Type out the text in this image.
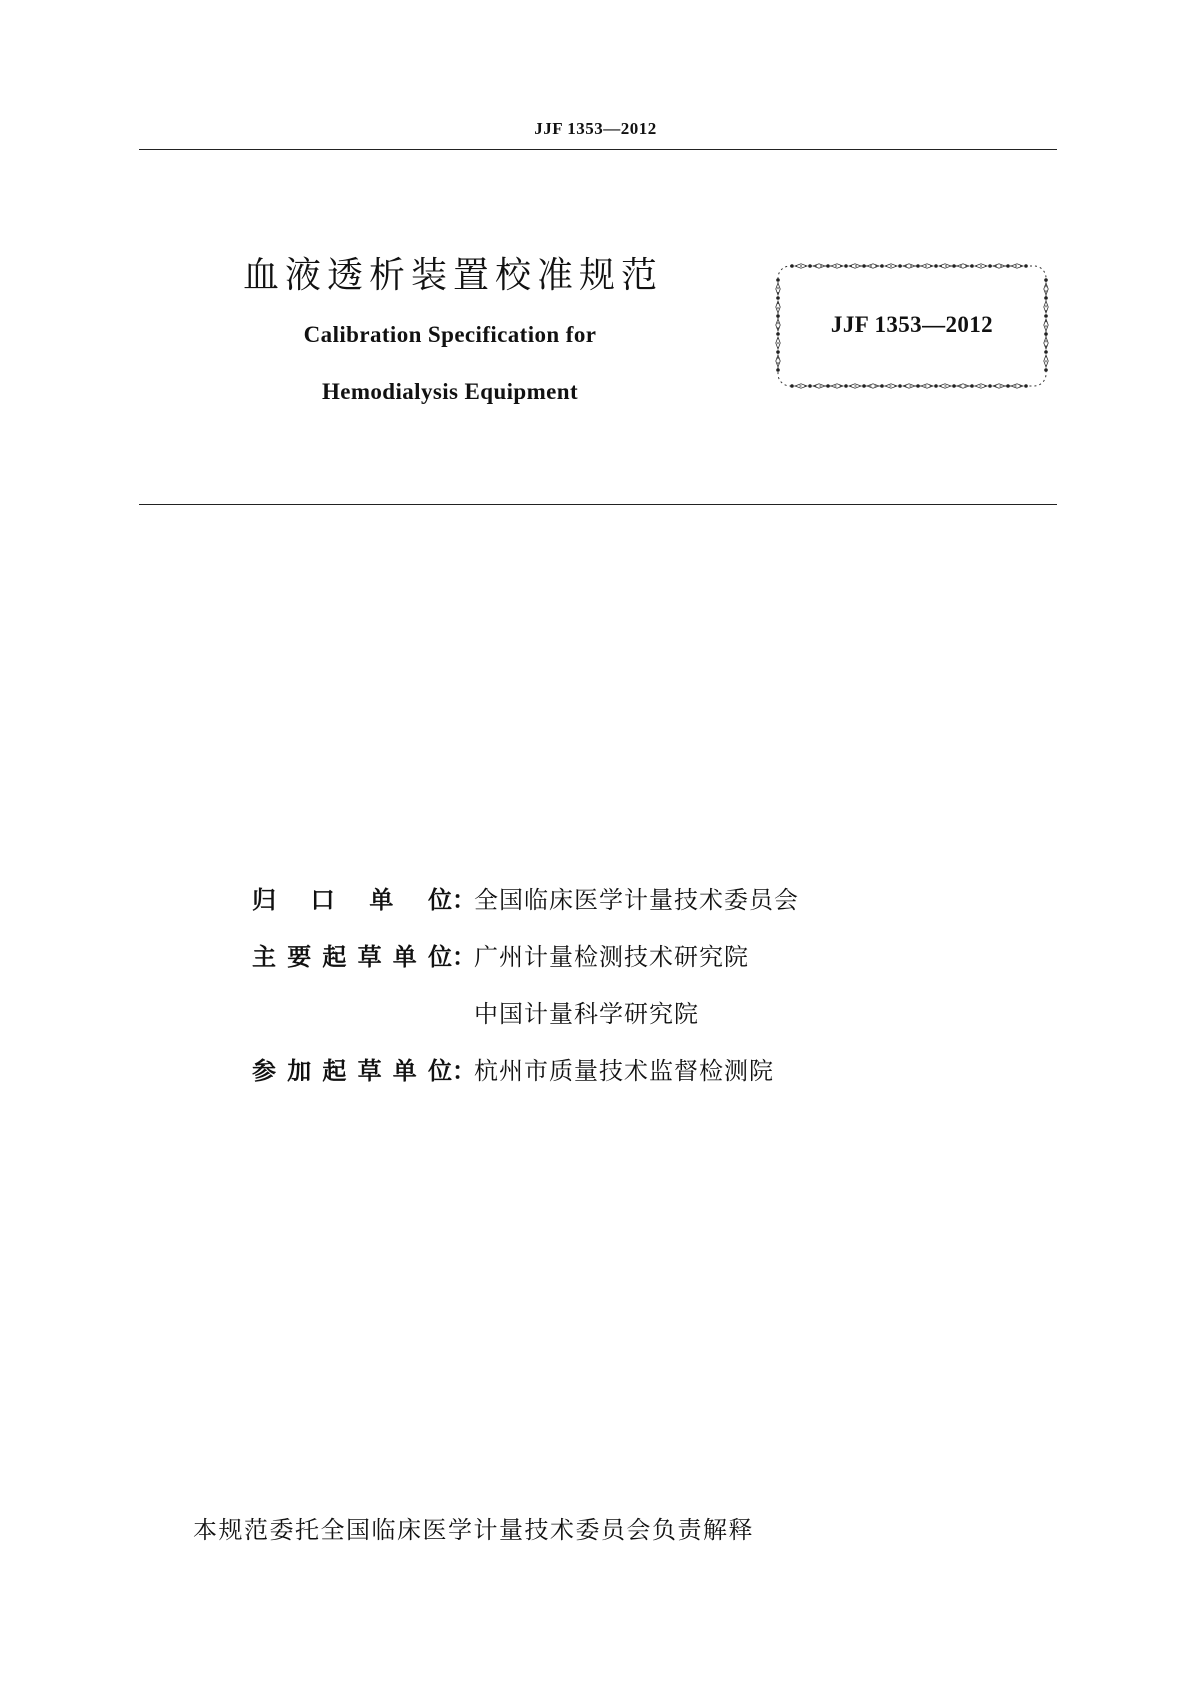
JJF 1353—2012
血液透析装置校准规范
Calibration Specification for
Hemodialysis Equipment
JJF 1353—2012
归 口 单 位 ：
全国临床医学计量技术委员会
主 要 起 草 单 位 ：
广州计量检测技术研究院
中国计量科学研究院
参 加 起 草 单 位 ：
杭州市质量技术监督检测院
本规范委托全国临床医学计量技术委员会负责解释
